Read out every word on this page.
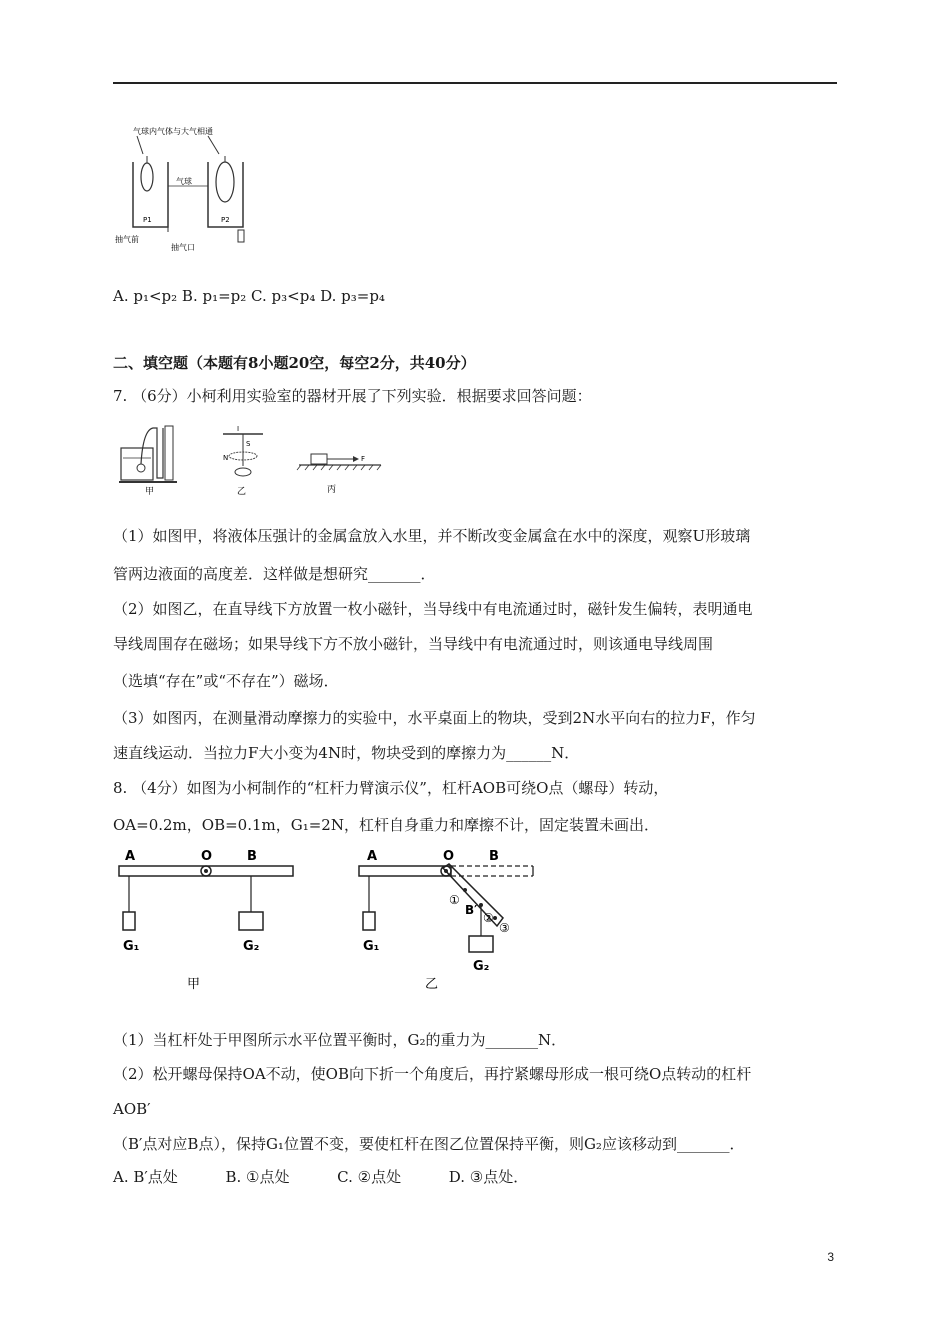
气球内气体与大气相通
P1	P2
气球
抽气前
抽气口
A. p₁<p₂ B. p₁=p₂ C. p₃<p₄ D. p₃=p₄
二、填空题（本题有8小题20空，每空2分，共40分）
7. （6分）小柯利用实验室的器材开展了下列实验．根据要求回答问题：
甲
I
S
N
乙
F
丙
（1）如图甲，将液体压强计的金属盒放入水里，并不断改变金属盒在水中的深度，观察U形玻璃
管两边液面的高度差．这样做是想研究_______．
（2）如图乙，在直导线下方放置一枚小磁针，当导线中有电流通过时，磁针发生偏转，表明通电
导线周围存在磁场；如果导线下方不放小磁针，当导线中有电流通过时，则该通电导线周围
（选填“存在”或“不存在”）磁场．
（3）如图丙，在测量滑动摩擦力的实验中，水平桌面上的物块，受到2N水平向右的拉力F，作匀
速直线运动．当拉力F大小变为4N时，物块受到的摩擦力为______N．
8. （4分）如图为小柯制作的“杠杆力臂演示仪”，杠杆AOB可绕O点（螺母）转动，
OA=0.2m，OB=0.1m，G₁=2N，杠杆自身重力和摩擦不计，固定装置未画出．
A	O	B
G₁	G₂
甲
A	O	B
G₁
①
B′
②
③
G₂
乙
（1）当杠杆处于甲图所示水平位置平衡时，G₂的重力为_______N．
（2）松开螺母保持OA不动，使OB向下折一个角度后，再拧紧螺母形成一根可绕O点转动的杠杆
AOB′
（B′点对应B点），保持G₁位置不变，要使杠杆在图乙位置保持平衡，则G₂应该移动到_______．
A. B′点处          B. ①点处          C. ②点处          D. ③点处．
3
